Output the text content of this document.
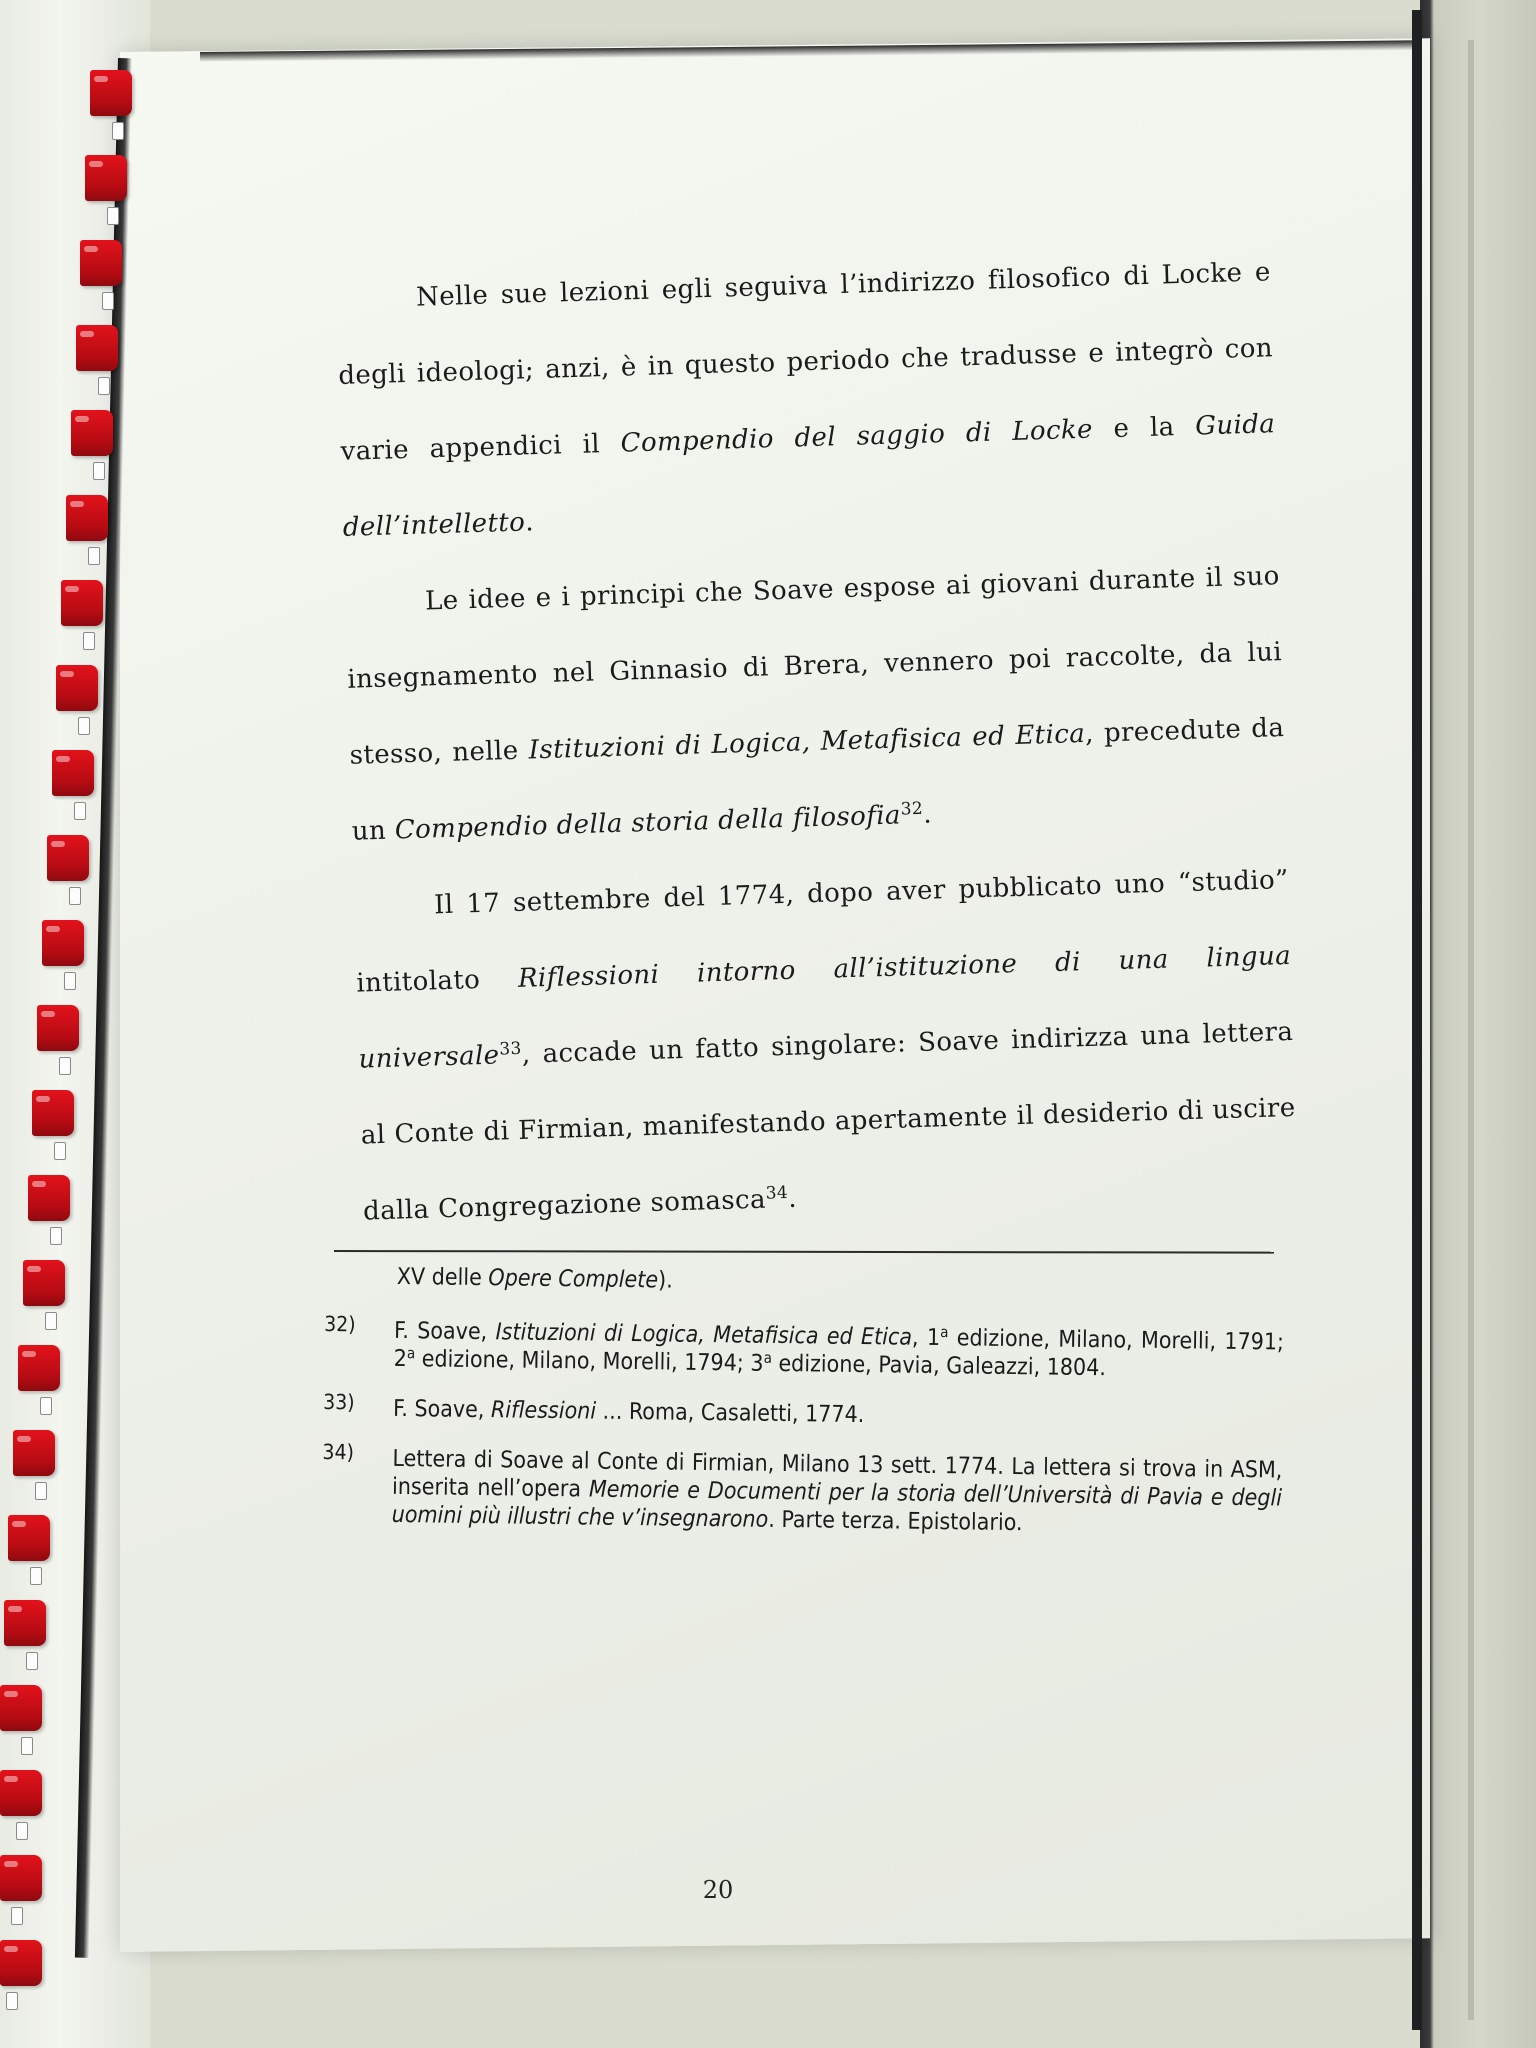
Nelle sue lezioni egli seguiva l’indirizzo filosofico di Locke e degli ideologi; anzi, è in questo periodo che tradusse e integrò con varie appendici il Compendio del saggio di Locke e la Guida dell’intelletto.

Le idee e i principi che Soave espose ai giovani durante il suo insegnamento nel Ginnasio di Brera, vennero poi raccolte, da lui stesso, nelle Istituzioni di Logica, Metafisica ed Etica, precedute da un Compendio della storia della filosofia$^{32}$.

Il 17 settembre del 1774, dopo aver pubblicato uno “studio” intitolato Riflessioni intorno all’istituzione di una lingua universale$^{33}$, accade un fatto singolare: Soave indirizza una lettera al Conte di Firmian, manifestando apertamente il desiderio di uscire dalla Congregazione somasca$^{34}$.

XV delle Opere Complete).
32) F. Soave, Istituzioni di Logica, Metafisica ed Etica, 1$^a$ edizione, Milano, Morelli, 1791; 2$^a$ edizione, Milano, Morelli, 1794; 3$^a$ edizione, Pavia, Galeazzi, 1804.
33) F. Soave, Riflessioni ... Roma, Casaletti, 1774.
34) Lettera di Soave al Conte di Firmian, Milano 13 sett. 1774. La lettera si trova in ASM, inserita nell’opera Memorie e Documenti per la storia dell’Università di Pavia e degli uomini più illustri che v’insegnarono. Parte terza. Epistolario.
20
